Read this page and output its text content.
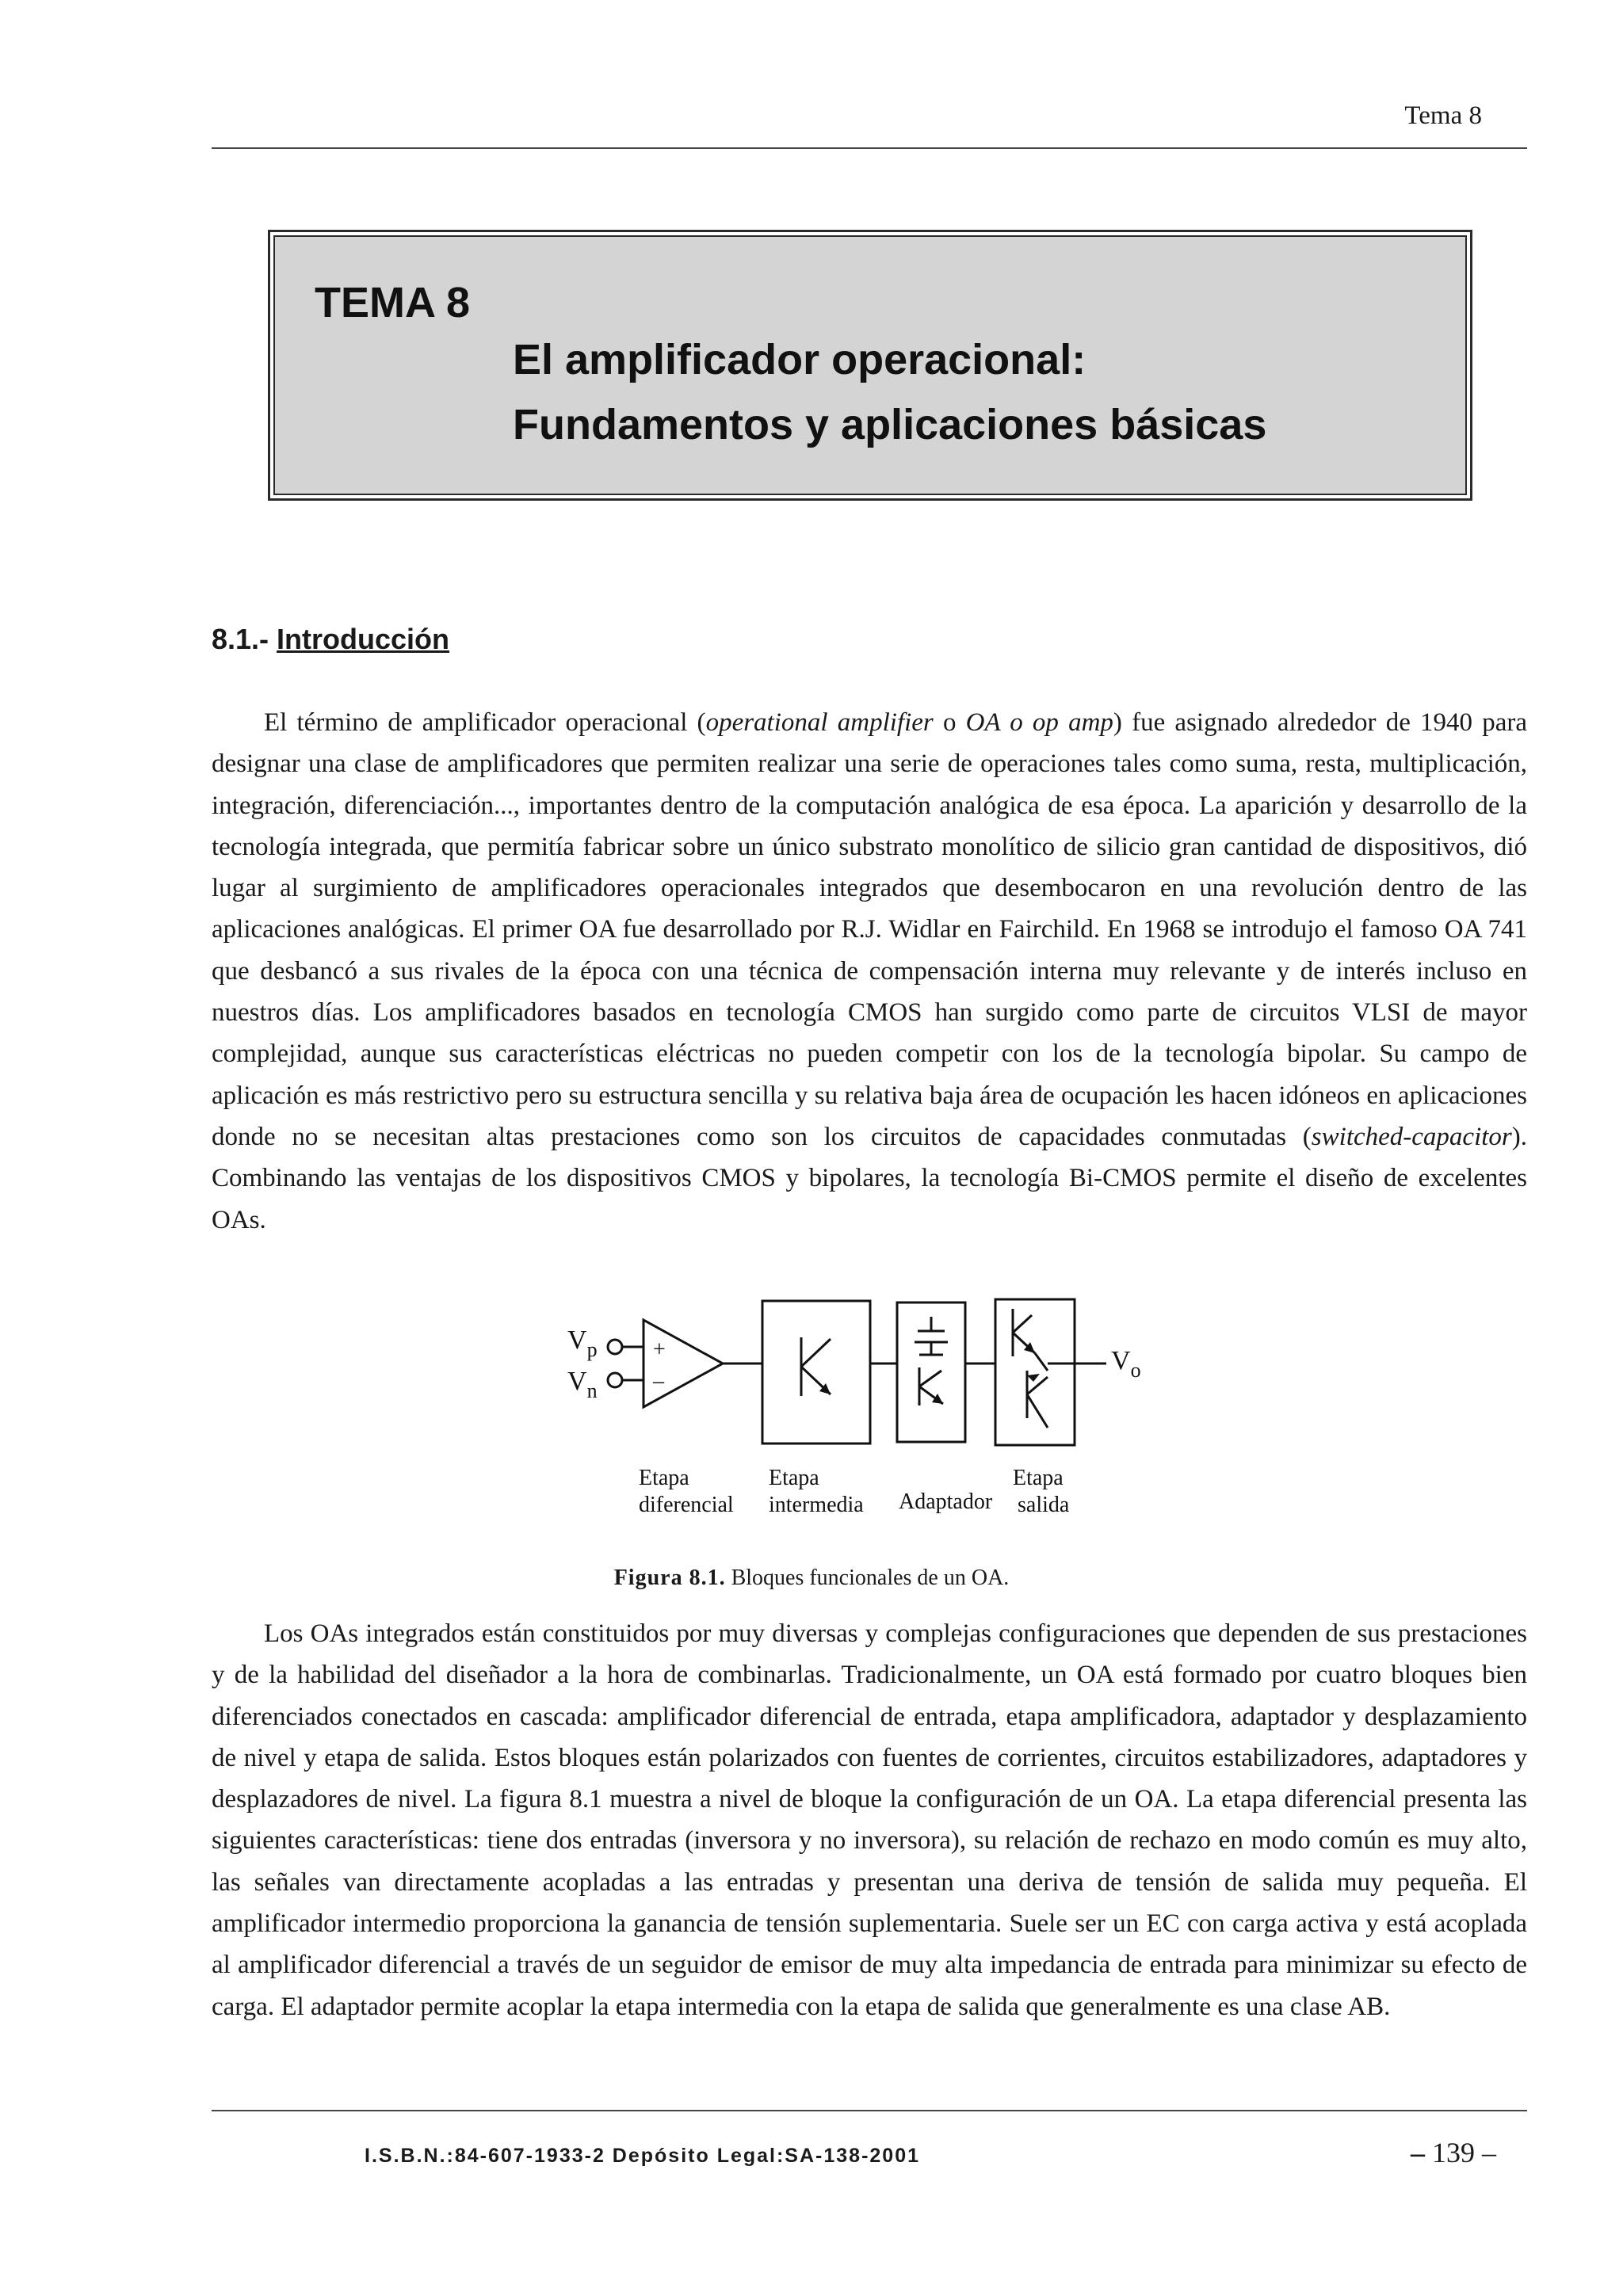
Tema 8
TEMA 8
El amplificador operacional:
Fundamentos y aplicaciones básicas
8.1.- Introducción

El término de amplificador operacional (operational amplifier o OA o op amp) fue asignado alrededor de 1940 para designar una clase de amplificadores que permiten realizar una serie de operaciones tales como suma, resta, multiplicación, integración, diferenciación..., importantes dentro de la computación analógica de esa época. La aparición y desarrollo de la tecnología integrada, que permitía fabricar sobre un único substrato monolítico de silicio gran cantidad de dispositivos, dió lugar al surgimiento de amplificadores operacionales integrados que desembocaron en una revolución dentro de las aplicaciones analógicas. El primer OA fue desarrollado por R.J. Widlar en Fairchild. En 1968 se introdujo el famoso OA 741 que desbancó a sus rivales de la época con una técnica de compensación interna muy relevante y de interés incluso en nuestros días. Los amplificadores basados en tecnología CMOS han surgido como parte de circuitos VLSI de mayor complejidad, aunque sus características eléctricas no pueden competir con los de la tecnología bipolar. Su campo de aplicación es más restrictivo pero su estructura sencilla y su relativa baja área de ocupación les hacen idóneos en aplicaciones donde no se necesitan altas prestaciones como son los circuitos de capacidades conmutadas (switched-capacitor). Combinando las ventajas de los dispositivos CMOS y bipolares, la tecnología Bi-CMOS permite el diseño de excelentes OAs.

$V_p$
$V_n$
+
–
$V_o$
Etapa
diferencial
Etapa
intermedia Adaptador
Etapa
salida
Figura 8.1. Bloques funcionales de un OA.

Los OAs integrados están constituidos por muy diversas y complejas configuraciones que dependen de sus prestaciones y de la habilidad del diseñador a la hora de combinarlas. Tradicionalmente, un OA está formado por cuatro bloques bien diferenciados conectados en cascada: amplificador diferencial de entrada, etapa amplificadora, adaptador y desplazamiento de nivel y etapa de salida. Estos bloques están polarizados con fuentes de corrientes, circuitos estabilizadores, adaptadores y desplazadores de nivel. La figura 8.1 muestra a nivel de bloque la configuración de un OA. La etapa diferencial presenta las siguientes características: tiene dos entradas (inversora y no inversora), su relación de rechazo en modo común es muy alto, las señales van directamente acopladas a las entradas y presentan una deriva de tensión de salida muy pequeña. El amplificador intermedio proporciona la ganancia de tensión suplementaria. Suele ser un EC con carga activa y está acoplada al amplificador diferencial a través de un seguidor de emisor de muy alta impedancia de entrada para minimizar su efecto de carga. El adaptador permite acoplar la etapa intermedia con la etapa de salida que generalmente es una clase AB.

I.S.B.N.:84-607-1933-2 Depósito Legal:SA-138-2001	– 139 –
